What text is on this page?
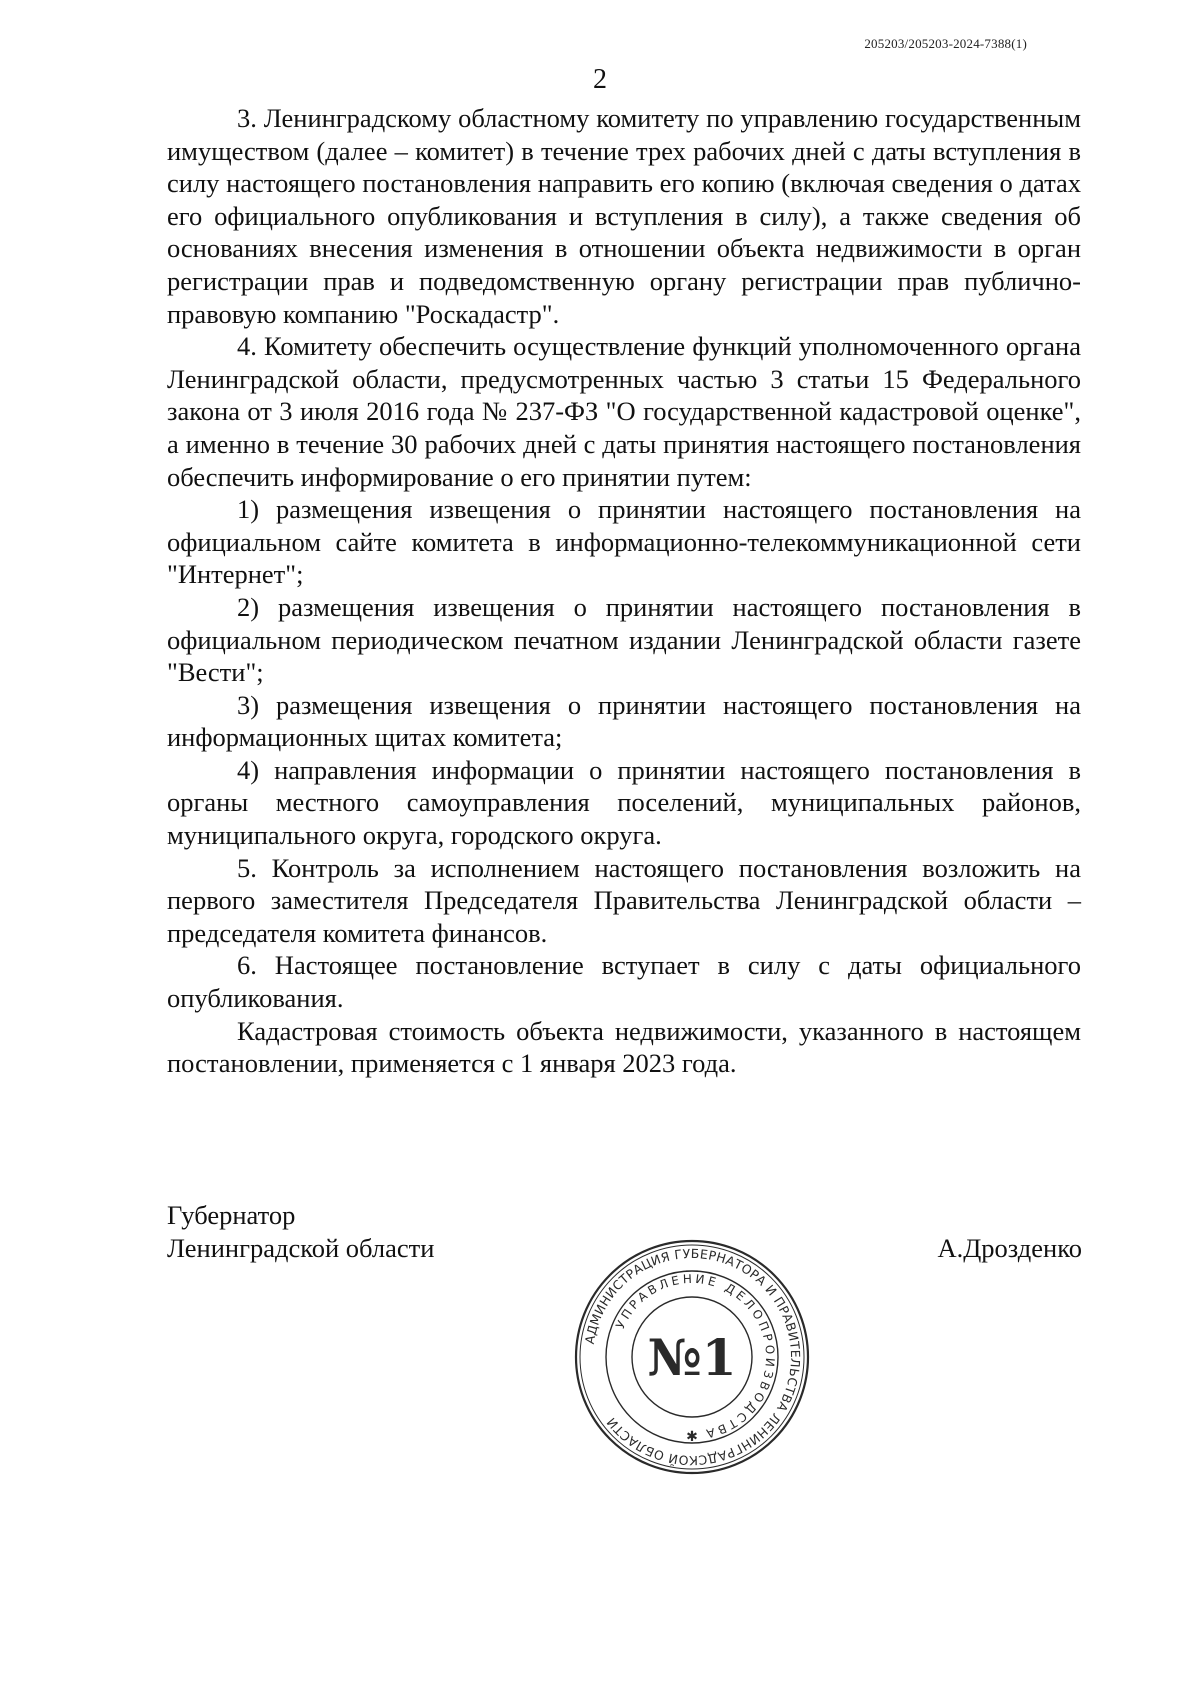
205203/205203-2024-7388(1)
2

3. Ленинградскому областному комитету по управлению государственным имуществом (далее – комитет) в течение трех рабочих дней с даты вступления в силу настоящего постановления направить его копию (включая сведения о датах его официального опубликования и вступления в силу), а также сведения об основаниях внесения изменения в отношении объекта недвижимости в орган регистрации прав и подведомственную органу регистрации прав публично-правовую компанию "Роскадастр".

4. Комитету обеспечить осуществление функций уполномоченного органа Ленинградской области, предусмотренных частью 3 статьи 15 Федерального закона от 3 июля 2016 года № 237-ФЗ "О государственной кадастровой оценке", а именно в течение 30 рабочих дней с даты принятия настоящего постановления обеспечить информирование о его принятии путем:

1) размещения извещения о принятии настоящего постановления на официальном сайте комитета в информационно-телекоммуникационной сети "Интернет";

2) размещения извещения о принятии настоящего постановления в официальном периодическом печатном издании Ленинградской области газете "Вести";

3) размещения извещения о принятии настоящего постановления на информационных щитах комитета;

4) направления информации о принятии настоящего постановления в органы местного самоуправления поселений, муниципальных районов, муниципального округа, городского округа.

5. Контроль за исполнением настоящего постановления возложить на первого заместителя Председателя Правительства Ленинградской области – председателя комитета финансов.

6. Настоящее постановление вступает в силу с даты официального опубликования.

Кадастровая стоимость объекта недвижимости, указанного в настоящем постановлении, применяется с 1 января 2023 года.

Губернатор
Ленинградской области	А.Дрозденко
АДМИНИСТРАЦИЯ ГУБЕРНАТОРА И ПРАВИТЕЛЬСТВА ЛЕНИНГРАДСКОЙ ОБЛАСТИ
УПРАВЛЕНИЕ ДЕЛОПРОИЗВОДСТВА
№1
✱
